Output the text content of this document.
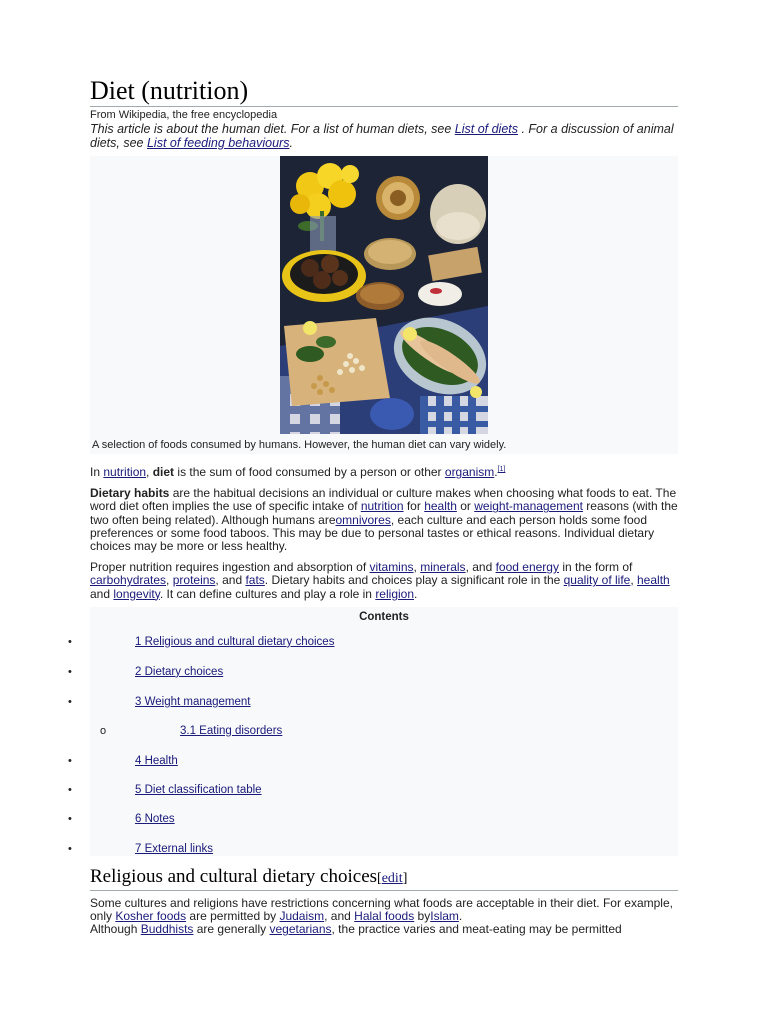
Diet (nutrition)
From Wikipedia, the free encyclopedia
This article is about the human diet. For a list of human diets, see List of diets . For a discussion of animal diets, see List of feeding behaviours.
A selection of foods consumed by humans. However, the human diet can vary widely.

In nutrition, diet is the sum of food consumed by a person or other organism.[1]

Dietary habits are the habitual decisions an individual or culture makes when choosing what foods to eat. The word diet often implies the use of specific intake of nutrition for health or weight-management reasons (with the two often being related). Although humans areomnivores, each culture and each person holds some food preferences or some food taboos. This may be due to personal tastes or ethical reasons. Individual dietary choices may be more or less healthy.

Proper nutrition requires ingestion and absorption of vitamins, minerals, and food energy in the form of carbohydrates, proteins, and fats. Dietary habits and choices play a significant role in the quality of life, health and longevity. It can define cultures and play a role in religion.

Contents
•	1 Religious and cultural dietary choices
•	2 Dietary choices
•	3 Weight management
o	3.1 Eating disorders
•	4 Health
•	5 Diet classification table
•	6 Notes
•	7 External links
Religious and cultural dietary choices[edit]

Some cultures and religions have restrictions concerning what foods are acceptable in their diet. For example, only Kosher foods are permitted by Judaism, and Halal foods byIslam.
Although Buddhists are generally vegetarians, the practice varies and meat-eating may be permitted
